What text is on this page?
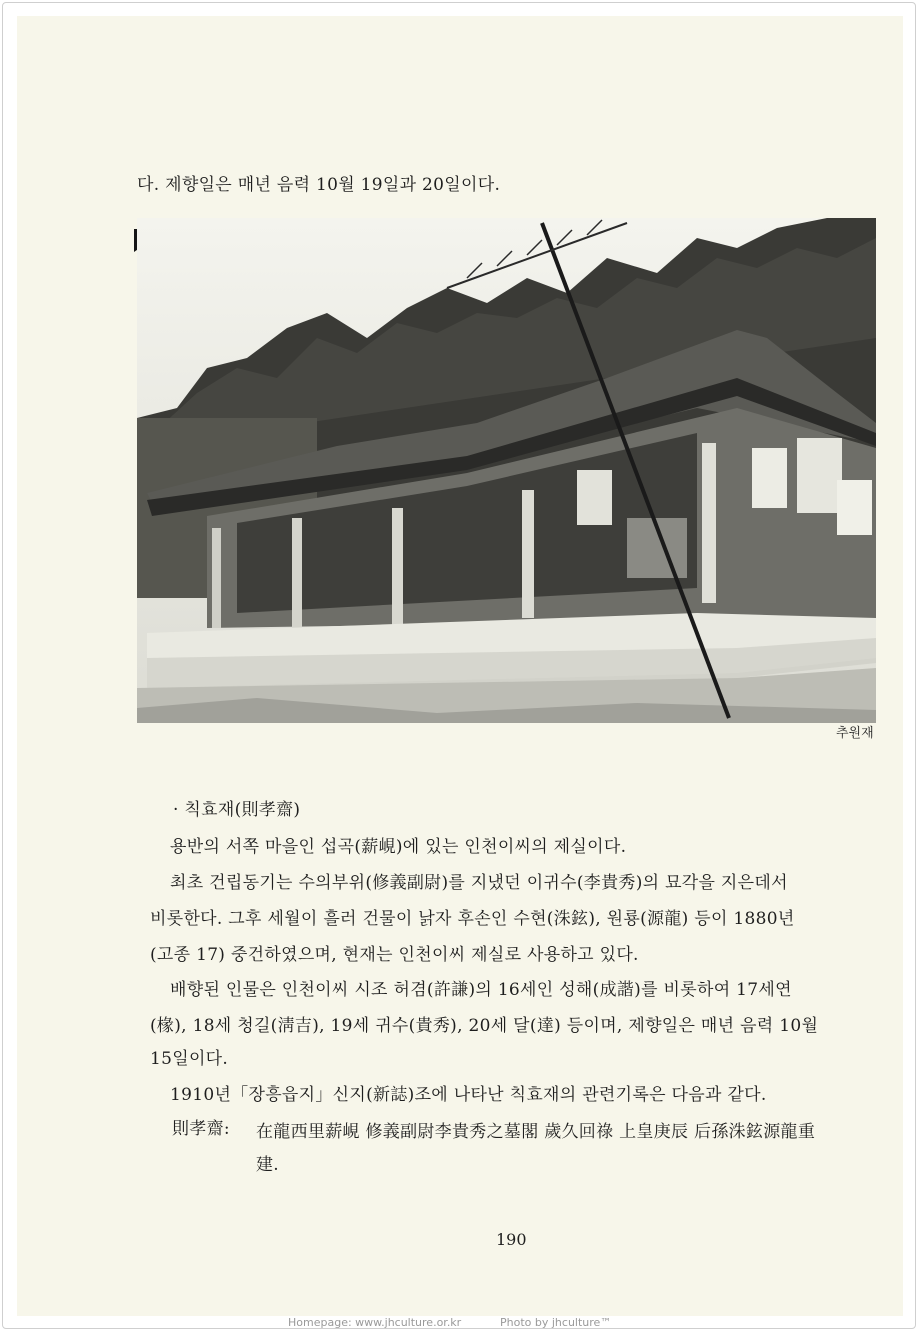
다. 제향일은 매년 음력 10월 19일과 20일이다.
추원재
· 칙효재(則孝齋)
용반의 서쪽 마을인 섭곡(薪峴)에 있는 인천이씨의 제실이다.
최초 건립동기는 수의부위(修義副尉)를 지냈던 이귀수(李貴秀)의 묘각을 지은데서
비롯한다. 그후 세월이 흘러 건물이 낡자 후손인 수현(洙鉉), 원룡(源龍) 등이 1880년
(고종 17) 중건하였으며, 현재는 인천이씨 제실로 사용하고 있다.
배향된 인물은 인천이씨 시조 허겸(許謙)의 16세인 성해(成諧)를 비롯하여 17세연
(椽), 18세 청길(淸吉), 19세 귀수(貴秀), 20세 달(達) 등이며, 제향일은 매년 음력 10월
15일이다.
1910년「장흥읍지」신지(新誌)조에 나타난 칙효재의 관련기록은 다음과 같다.
則孝齋: 在龍西里薪峴 修義副尉李貴秀之墓閣 歲久回祿 上皇庚辰 后孫洙鉉源龍重
建.
190
Homepage: www.jhculture.or.kr	Photo by jhculture™
